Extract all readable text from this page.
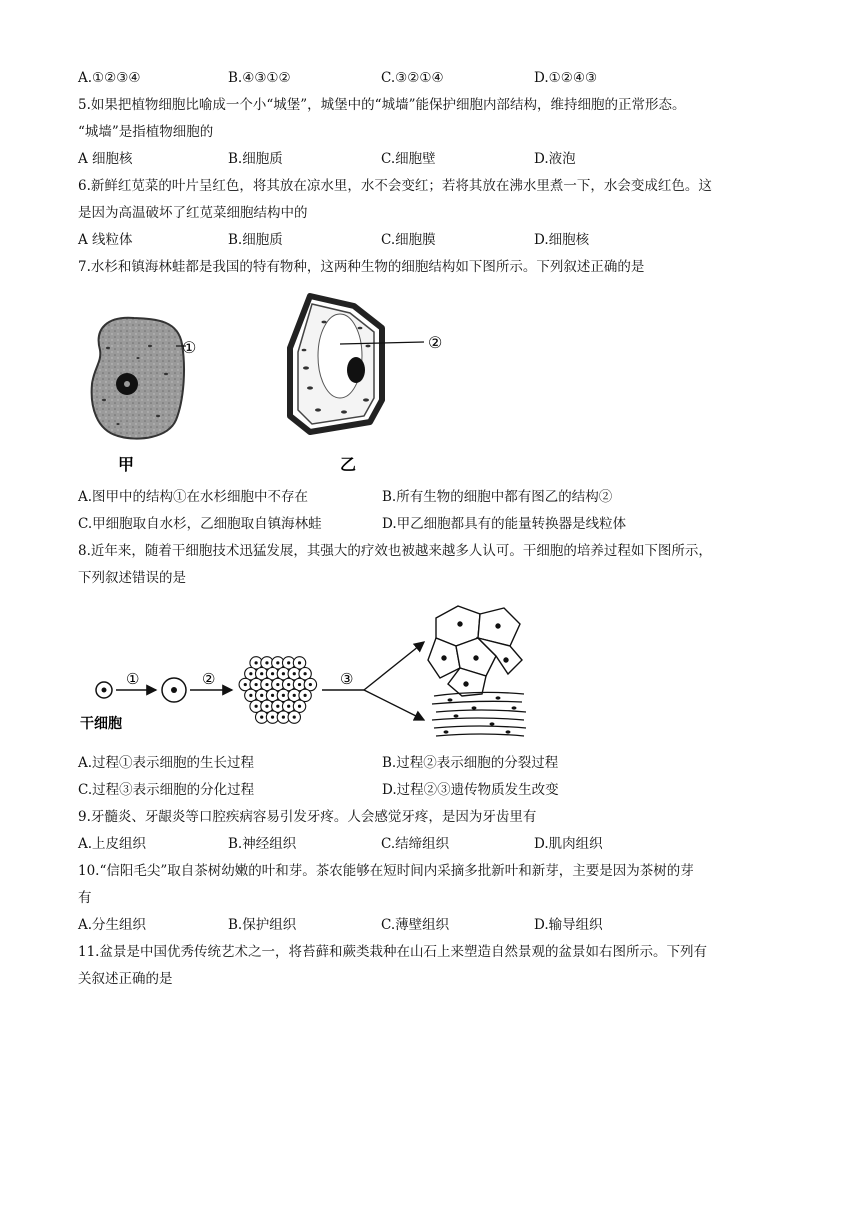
A.①②③④	B.④③①②	C.③②①④	D.①②④③
5.如果把植物细胞比喻成一个小“城堡”，城堡中的“城墙”能保护细胞内部结构，维持细胞的正常形态。
“城墙”是指植物细胞的
A 细胞核	B.细胞质	C.细胞壁	D.液泡
6.新鲜红苋菜的叶片呈红色，将其放在凉水里，水不会变红；若将其放在沸水里煮一下，水会变成红色。这
是因为高温破坏了红苋菜细胞结构中的
A 线粒体	B.细胞质	C.细胞膜	D.细胞核
7.水杉和镇海林蛙都是我国的特有物种，这两种生物的细胞结构如下图所示。下列叙述正确的是
①
甲
②
乙
A.图甲中的结构①在水杉细胞中不存在	B.所有生物的细胞中都有图乙的结构②
C.甲细胞取自水杉，乙细胞取自镇海林蛙	D.甲乙细胞都具有的能量转换器是线粒体
8.近年来，随着干细胞技术迅猛发展，其强大的疗效也被越来越多人认可。干细胞的培养过程如下图所示，
下列叙述错误的是
①	②	③
干细胞
A.过程①表示细胞的生长过程	B.过程②表示细胞的分裂过程
C.过程③表示细胞的分化过程	D.过程②③遗传物质发生改变
9.牙髓炎、牙龈炎等口腔疾病容易引发牙疼。人会感觉牙疼，是因为牙齿里有
A.上皮组织	B.神经组织	C.结缔组织	D.肌肉组织
10.“信阳毛尖”取自茶树幼嫩的叶和芽。茶农能够在短时间内采摘多批新叶和新芽，主要是因为茶树的芽
有
A.分生组织	B.保护组织	C.薄壁组织	D.输导组织
11.盆景是中国优秀传统艺术之一，将苔藓和蕨类栽种在山石上来塑造自然景观的盆景如右图所示。下列有
关叙述正确的是
